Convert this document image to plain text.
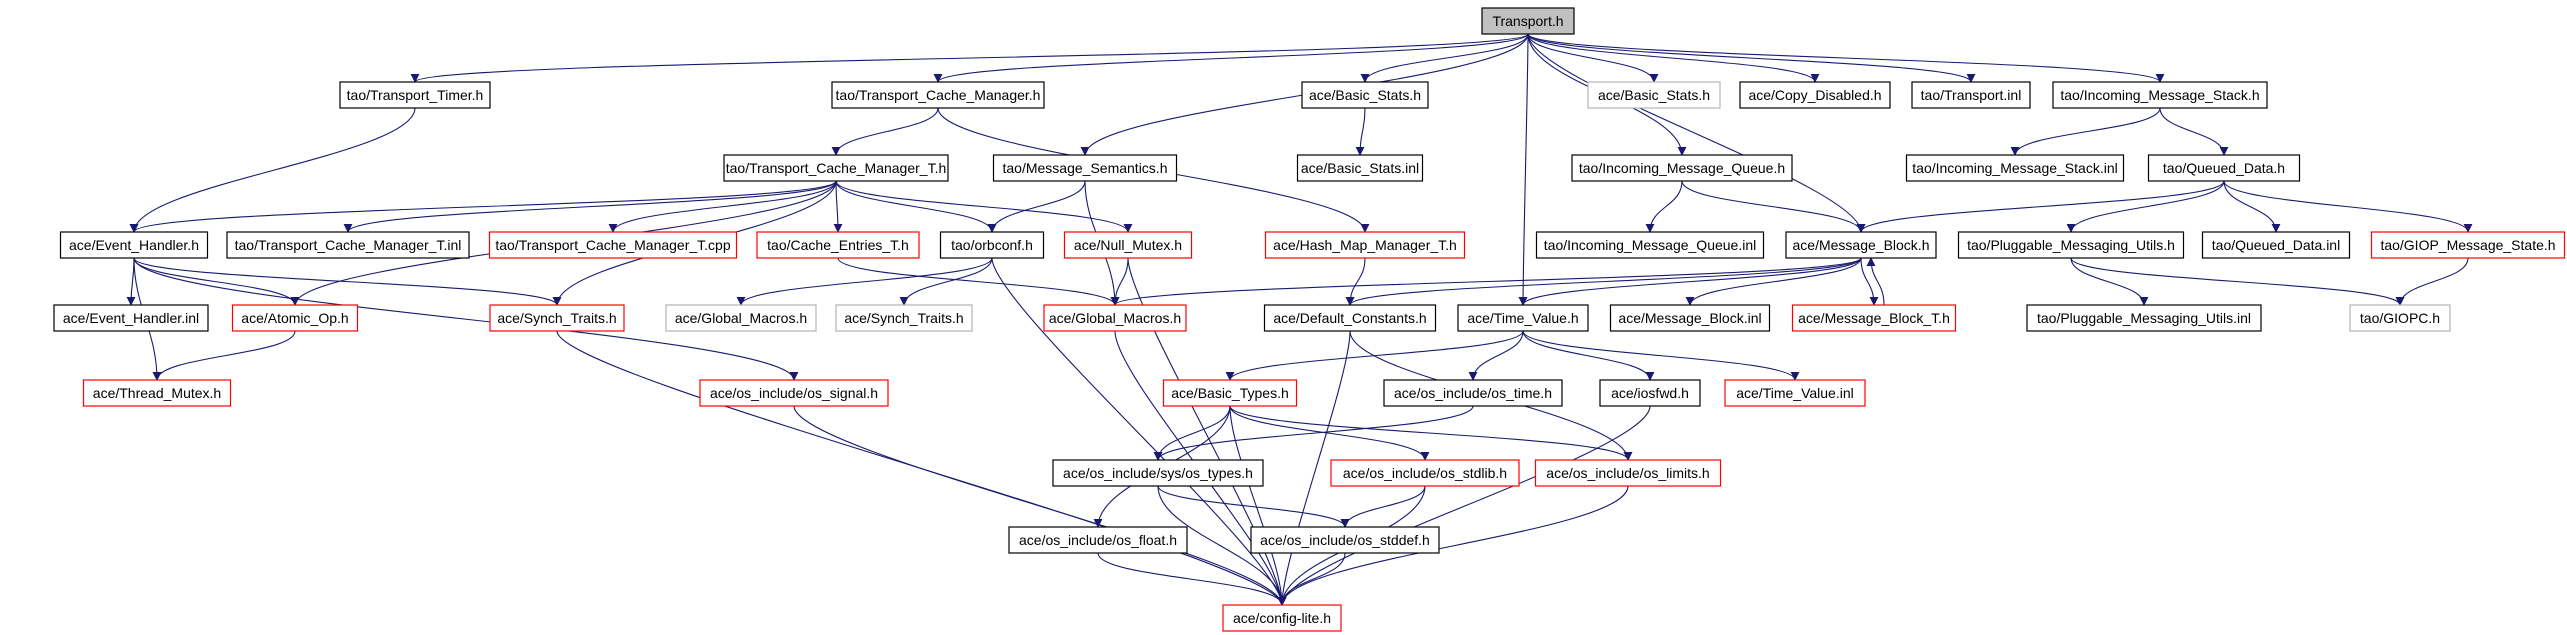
Transport.h
tao/Transport_Timer.h	tao/Transport_Cache_Manager.h	ace/Basic_Stats.h	ace/Basic_Stats.h	ace/Copy_Disabled.h	tao/Transport.inl	tao/Incoming_Message_Stack.h
tao/Transport_Cache_Manager_T.h	tao/Message_Semantics.h	ace/Basic_Stats.inl	tao/Incoming_Message_Queue.h	tao/Incoming_Message_Stack.inl	tao/Queued_Data.h
ace/Event_Handler.h	tao/Transport_Cache_Manager_T.inl tao/Transport_Cache_Manager_T.cpp	tao/Cache_Entries_T.h	tao/orbconf.h	ace/Null_Mutex.h	ace/Hash_Map_Manager_T.h	tao/Incoming_Message_Queue.inl	ace/Message_Block.h	tao/Pluggable_Messaging_Utils.h	tao/Queued_Data.inl	tao/GIOP_Message_State.h
ace/Event_Handler.inl	ace/Atomic_Op.h	ace/Synch_Traits.h	ace/Global_Macros.h	ace/Synch_Traits.h	ace/Global_Macros.h	ace/Default_Constants.h	ace/Time_Value.h	ace/Message_Block.inl	ace/Message_Block_T.h	tao/Pluggable_Messaging_Utils.inl	tao/GIOPC.h
ace/Thread_Mutex.h	ace/os_include/os_signal.h	ace/Basic_Types.h	ace/os_include/os_time.h	ace/iosfwd.h	ace/Time_Value.inl
ace/os_include/sys/os_types.h	ace/os_include/os_stdlib.h	ace/os_include/os_limits.h
ace/os_include/os_float.h	ace/os_include/os_stddef.h
ace/config-lite.h
